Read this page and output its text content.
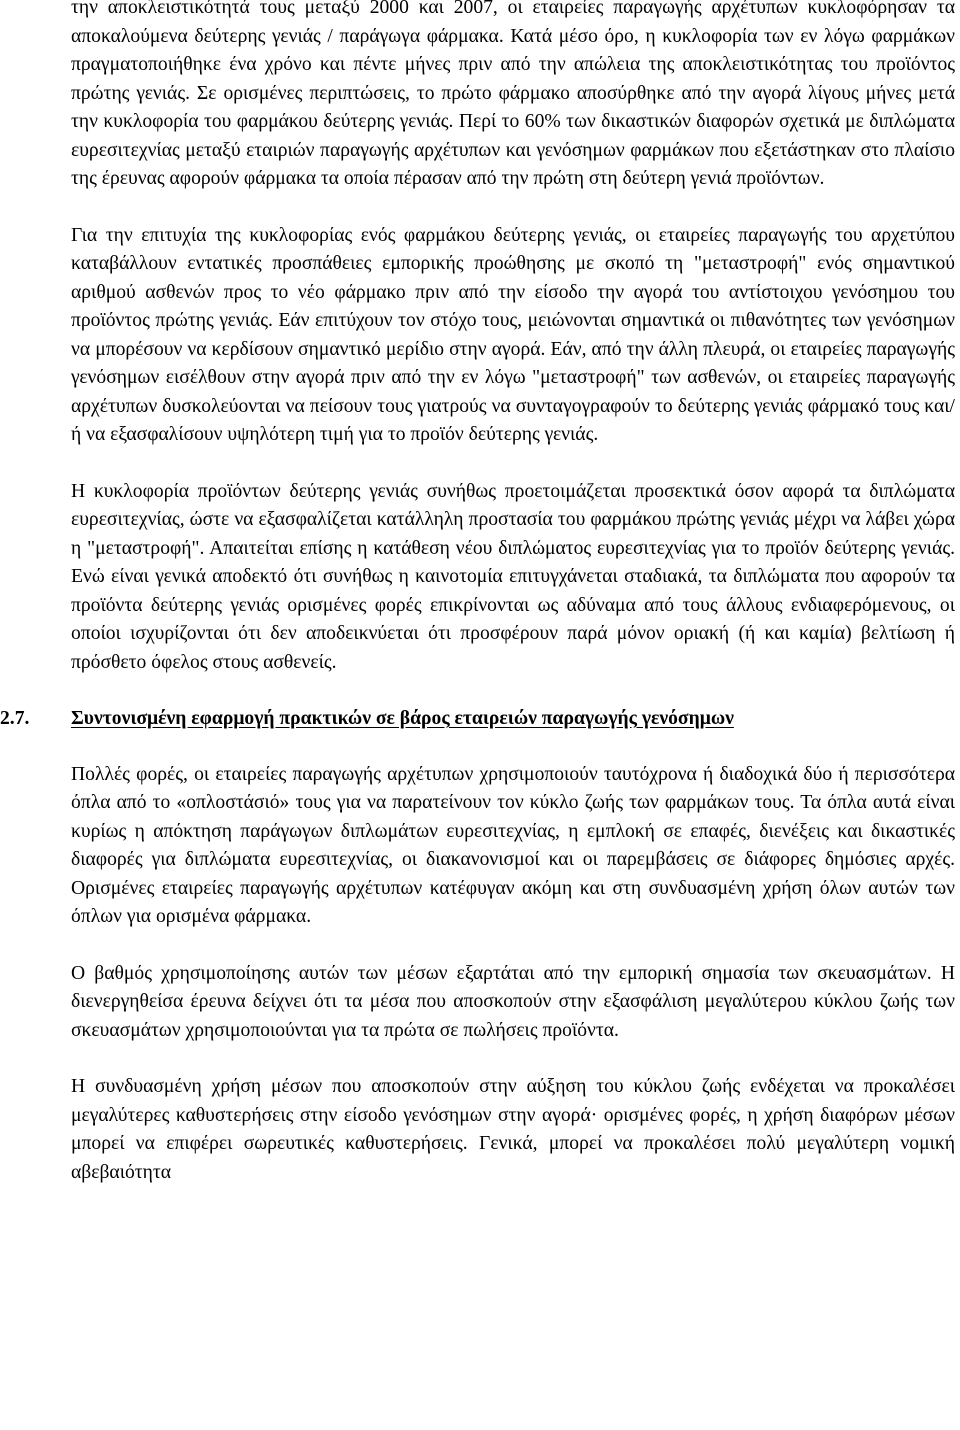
την αποκλειστικότητά τους μεταξύ 2000 και 2007, οι εταιρείες παραγωγής αρχέτυπων κυκλοφόρησαν τα αποκαλούμενα δεύτερης γενιάς / παράγωγα φάρμακα. Κατά μέσο όρο, η κυκλοφορία των εν λόγω φαρμάκων πραγματοποιήθηκε ένα χρόνο και πέντε μήνες πριν από την απώλεια της αποκλειστικότητας του προϊόντος πρώτης γενιάς. Σε ορισμένες περιπτώσεις, το πρώτο φάρμακο αποσύρθηκε από την αγορά λίγους μήνες μετά την κυκλοφορία του φαρμάκου δεύτερης γενιάς. Περί το 60% των δικαστικών διαφορών σχετικά με διπλώματα ευρεσιτεχνίας μεταξύ εταιριών παραγωγής αρχέτυπων και γενόσημων φαρμάκων που εξετάστηκαν στο πλαίσιο της έρευνας αφορούν φάρμακα τα οποία πέρασαν από την πρώτη στη δεύτερη γενιά προϊόντων.

Για την επιτυχία της κυκλοφορίας ενός φαρμάκου δεύτερης γενιάς, οι εταιρείες παραγωγής του αρχετύπου καταβάλλουν εντατικές προσπάθειες εμπορικής προώθησης με σκοπό τη "μεταστροφή" ενός σημαντικού αριθμού ασθενών προς το νέο φάρμακο πριν από την είσοδο την αγορά του αντίστοιχου γενόσημου του προϊόντος πρώτης γενιάς. Εάν επιτύχουν τον στόχο τους, μειώνονται σημαντικά οι πιθανότητες των γενόσημων να μπορέσουν να κερδίσουν σημαντικό μερίδιο στην αγορά. Εάν, από την άλλη πλευρά, οι εταιρείες παραγωγής γενόσημων εισέλθουν στην αγορά πριν από την εν λόγω "μεταστροφή" των ασθενών, οι εταιρείες παραγωγής αρχέτυπων δυσκολεύονται να πείσουν τους γιατρούς να συνταγογραφούν το δεύτερης γενιάς φάρμακό τους και/ ή να εξασφαλίσουν υψηλότερη τιμή για το προϊόν δεύτερης γενιάς.

Η κυκλοφορία προϊόντων δεύτερης γενιάς συνήθως προετοιμάζεται προσεκτικά όσον αφορά τα διπλώματα ευρεσιτεχνίας, ώστε να εξασφαλίζεται κατάλληλη προστασία του φαρμάκου πρώτης γενιάς μέχρι να λάβει χώρα η "μεταστροφή". Απαιτείται επίσης η κατάθεση νέου διπλώματος ευρεσιτεχνίας για το προϊόν δεύτερης γενιάς. Ενώ είναι γενικά αποδεκτό ότι συνήθως η καινοτομία επιτυγχάνεται σταδιακά, τα διπλώματα που αφορούν τα προϊόντα δεύτερης γενιάς ορισμένες φορές επικρίνονται ως αδύναμα από τους άλλους ενδιαφερόμενους, οι οποίοι ισχυρίζονται ότι δεν αποδεικνύεται ότι προσφέρουν παρά μόνον οριακή (ή και καμία) βελτίωση ή πρόσθετο όφελος στους ασθενείς.

2.7. Συντονισμένη εφαρμογή πρακτικών σε βάρος εταιρειών παραγωγής γενόσημων

Πολλές φορές, οι εταιρείες παραγωγής αρχέτυπων χρησιμοποιούν ταυτόχρονα ή διαδοχικά δύο ή περισσότερα όπλα από το «οπλοστάσιό» τους για να παρατείνουν τον κύκλο ζωής των φαρμάκων τους. Τα όπλα αυτά είναι κυρίως η απόκτηση παράγωγων διπλωμάτων ευρεσιτεχνίας, η εμπλοκή σε επαφές, διενέξεις και δικαστικές διαφορές για διπλώματα ευρεσιτεχνίας, οι διακανονισμοί και οι παρεμβάσεις σε διάφορες δημόσιες αρχές. Ορισμένες εταιρείες παραγωγής αρχέτυπων κατέφυγαν ακόμη και στη συνδυασμένη χρήση όλων αυτών των όπλων για ορισμένα φάρμακα.

Ο βαθμός χρησιμοποίησης αυτών των μέσων εξαρτάται από την εμπορική σημασία των σκευασμάτων. Η διενεργηθείσα έρευνα δείχνει ότι τα μέσα που αποσκοπούν στην εξασφάλιση μεγαλύτερου κύκλου ζωής των σκευασμάτων χρησιμοποιούνται για τα πρώτα σε πωλήσεις προϊόντα.

Η συνδυασμένη χρήση μέσων που αποσκοπούν στην αύξηση του κύκλου ζωής ενδέχεται να προκαλέσει μεγαλύτερες καθυστερήσεις στην είσοδο γενόσημων στην αγορά· ορισμένες φορές, η χρήση διαφόρων μέσων μπορεί να επιφέρει σωρευτικές καθυστερήσεις. Γενικά, μπορεί να προκαλέσει πολύ μεγαλύτερη νομική αβεβαιότητα
